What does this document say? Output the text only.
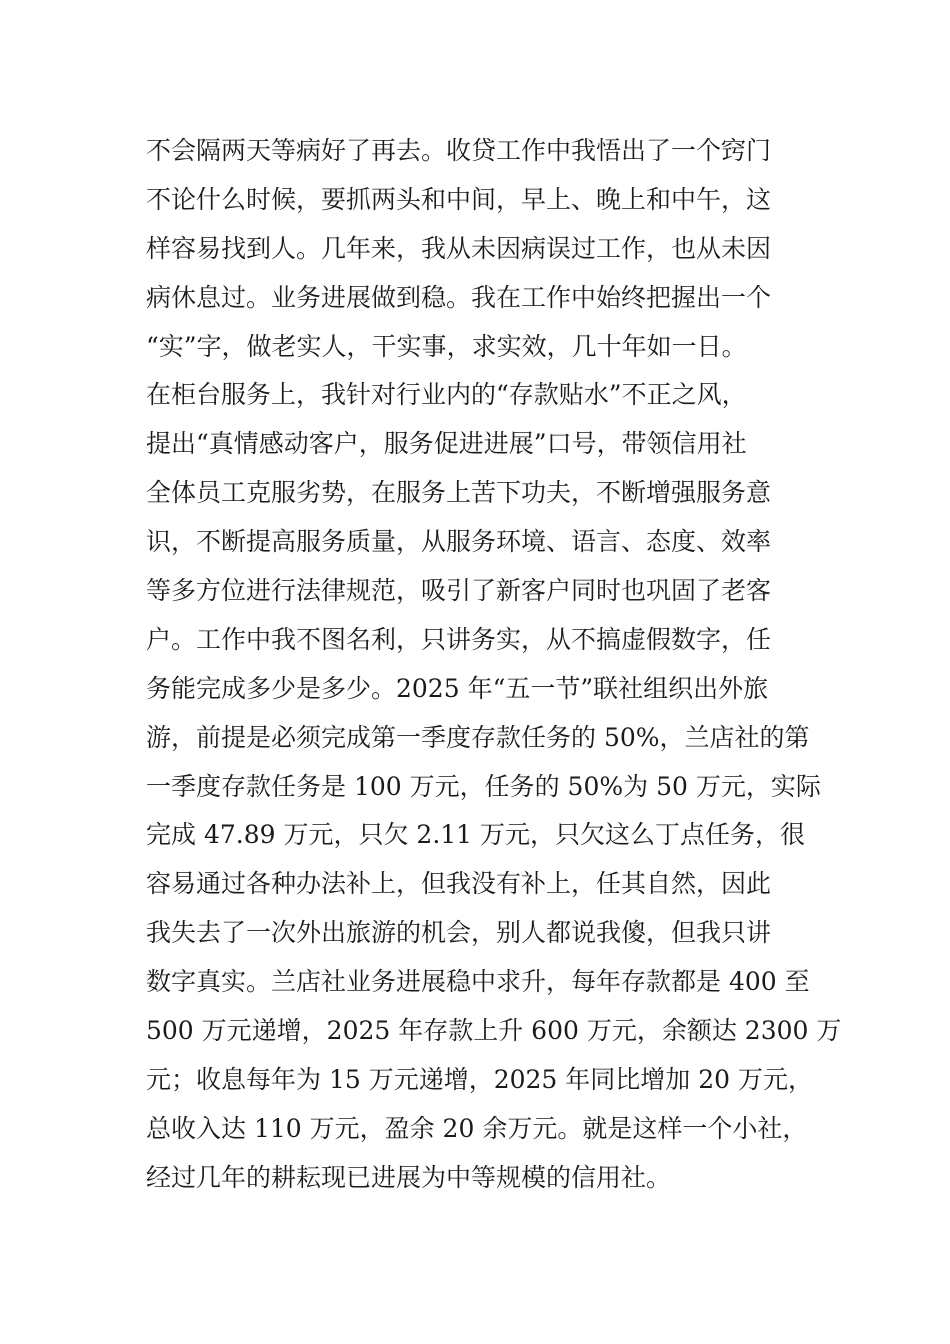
不会隔两天等病好了再去。收贷工作中我悟出了一个窍门
不论什么时候，要抓两头和中间，早上、晚上和中午，这
样容易找到人。几年来，我从未因病误过工作，也从未因
病休息过。业务进展做到稳。我在工作中始终把握出一个
“实”字，做老实人，干实事，求实效，几十年如一日。
在柜台服务上，我针对行业内的“存款贴水”不正之风，
提出“真情感动客户，服务促进进展”口号，带领信用社
全体员工克服劣势，在服务上苦下功夫，不断增强服务意
识，不断提高服务质量，从服务环境、语言、态度、效率
等多方位进行法律规范，吸引了新客户同时也巩固了老客
户。工作中我不图名利，只讲务实，从不搞虚假数字，任
务能完成多少是多少。2025 年“五一节”联社组织出外旅
游，前提是必须完成第一季度存款任务的 50%，兰店社的第
一季度存款任务是 100 万元，任务的 50%为 50 万元，实际
完成 47.89 万元，只欠 2.11 万元，只欠这么丁点任务，很
容易通过各种办法补上，但我没有补上，任其自然，因此
我失去了一次外出旅游的机会，别人都说我傻，但我只讲
数字真实。兰店社业务进展稳中求升，每年存款都是 400 至
500 万元递增，2025 年存款上升 600 万元，余额达 2300 万
元；收息每年为 15 万元递增，2025 年同比增加 20 万元，
总收入达 110 万元，盈余 20 余万元。就是这样一个小社，
经过几年的耕耘现已进展为中等规模的信用社。
